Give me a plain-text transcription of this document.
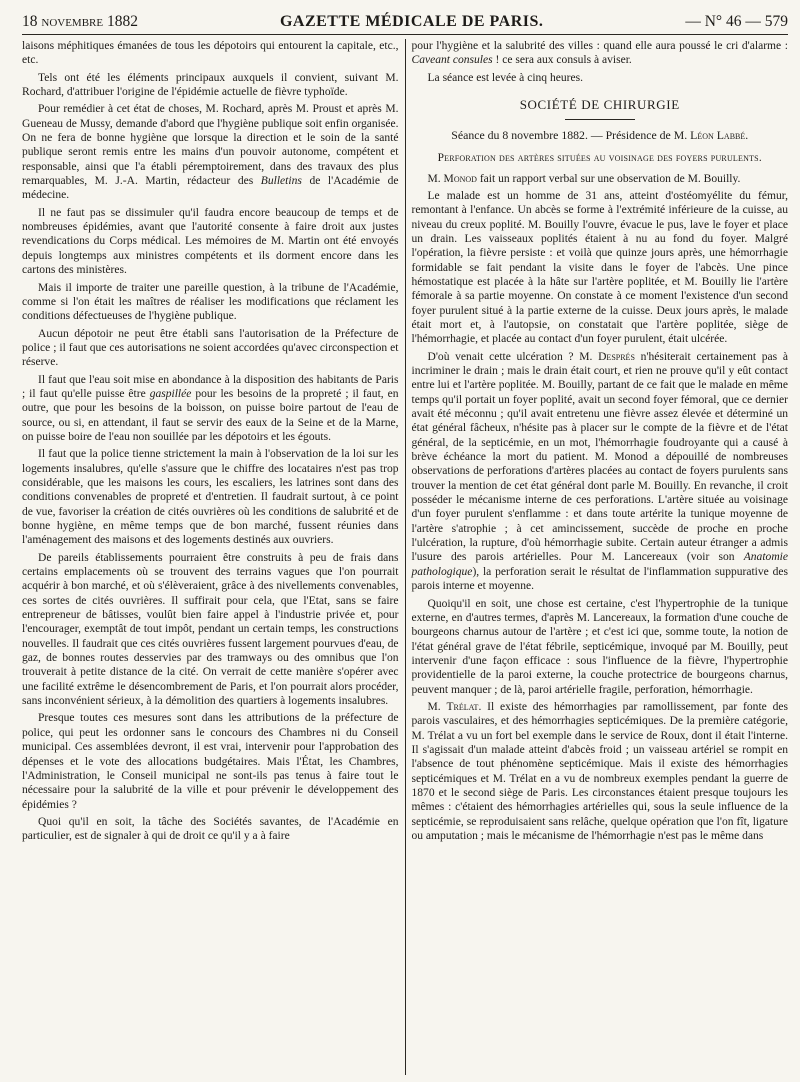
18 novembre 1882	GAZETTE MÉDICALE DE PARIS.	— N° 46 — 579

laisons méphitiques émanées de tous les dépotoirs qui entourent la capitale, etc., etc.

Tels ont été les éléments principaux auxquels il convient, suivant M. Rochard, d'attribuer l'origine de l'épidémie actuelle de fièvre typhoïde.

Pour remédier à cet état de choses, M. Rochard, après M. Proust et après M. Gueneau de Mussy, demande d'abord que l'hygiène publique soit enfin organisée. On ne fera de bonne hygiène que lorsque la direction et le soin de la santé publique seront remis entre les mains d'un pouvoir autonome, compétent et responsable, ainsi que l'a établi péremptoirement, dans des travaux des plus remarquables, M. J.-A. Martin, rédacteur des Bulletins de l'Académie de médecine.

Il ne faut pas se dissimuler qu'il faudra encore beaucoup de temps et de nombreuses épidémies, avant que l'autorité consente à faire droit aux justes revendications du Corps médical. Les mémoires de M. Martin ont été envoyés depuis longtemps aux ministres compétents et ils dorment encore dans les cartons des ministères.

Mais il importe de traiter une pareille question, à la tribune de l'Académie, comme si l'on était les maîtres de réaliser les modifications que réclament les conditions défectueuses de l'hygiène publique.

Aucun dépotoir ne peut être établi sans l'autorisation de la Préfecture de police ; il faut que ces autorisations ne soient accordées qu'avec circonspection et réserve.

Il faut que l'eau soit mise en abondance à la disposition des habitants de Paris ; il faut qu'elle puisse être gaspillée pour les besoins de la propreté ; il faut, en outre, que pour les besoins de la boisson, on puisse boire partout de l'eau de source, ou si, en attendant, il faut se servir des eaux de la Seine et de la Marne, on puisse boire de l'eau non souillée par les dépotoirs et les égouts.

Il faut que la police tienne strictement la main à l'observation de la loi sur les logements insalubres, qu'elle s'assure que le chiffre des locataires n'est pas trop considérable, que les maisons les cours, les escaliers, les latrines sont dans des conditions convenables de propreté et d'entretien. Il faudrait surtout, à ce point de vue, favoriser la création de cités ouvrières où les conditions de salubrité et de bonne hygiène, en même temps que de bon marché, fussent réunies dans l'aménagement des maisons et des logements destinés aux ouvriers.

De pareils établissements pourraient être construits à peu de frais dans certains emplacements où se trouvent des terrains vagues que l'on pourrait acquérir à bon marché, et où s'élèveraient, grâce à des nivellements convenables, ces sortes de cités ouvrières. Il suffirait pour cela, que l'Etat, sans se faire entrepreneur de bâtisses, voulût bien faire appel à l'industrie privée et, pour l'encourager, exemptât de tout impôt, pendant un certain temps, les constructions nouvelles. Il faudrait que ces cités ouvrières fussent largement pourvues d'eau, de gaz, de bonnes routes desservies par des tramways ou des omnibus que l'on trouverait à petite distance de la cité. On verrait de cette manière s'opérer avec une facilité extrême le désencombrement de Paris, et l'on pourrait alors procéder, sans inconvénient sérieux, à la démolition des quartiers à logements insalubres.

Presque toutes ces mesures sont dans les attributions de la préfecture de police, qui peut les ordonner sans le concours des Chambres ni du Conseil municipal. Ces assemblées devront, il est vrai, intervenir pour l'approbation des dépenses et le vote des allocations budgétaires. Mais l'État, les Chambres, l'Administration, le Conseil municipal ne sont-ils pas tenus à faire tout le nécessaire pour la salubrité de la ville et pour prévenir le développement des épidémies ?

Quoi qu'il en soit, la tâche des Sociétés savantes, de l'Académie en particulier, est de signaler à qui de droit ce qu'il y a à faire

pour l'hygiène et la salubrité des villes : quand elle aura poussé le cri d'alarme : Caveant consules ! ce sera aux consuls à aviser.

La séance est levée à cinq heures.

SOCIÉTÉ DE CHIRURGIE

Séance du 8 novembre 1882. — Présidence de M. Léon Labbé.

Perforation des artères situées au voisinage des foyers purulents.

M. Monod fait un rapport verbal sur une observation de M. Bouilly.

Le malade est un homme de 31 ans, atteint d'ostéomyélite du fémur, remontant à l'enfance. Un abcès se forme à l'extrémité inférieure de la cuisse, au niveau du creux poplité. M. Bouilly l'ouvre, évacue le pus, lave le foyer et place un drain. Les vaisseaux poplités étaient à nu au fond du foyer. Malgré l'opération, la fièvre persiste : et voilà que quinze jours après, une hémorrhagie formidable se fait pendant la visite dans le foyer de l'abcès. Une pince hémostatique est placée à la hâte sur l'artère poplitée, et M. Bouilly lie l'artère fémorale à sa partie moyenne. On constate à ce moment l'existence d'un second foyer purulent situé à la partie externe de la cuisse. Deux jours après, le malade était mort et, à l'autopsie, on constatait que l'artère poplitée, siège de l'hémorrhagie, et placée au contact d'un foyer purulent, était ulcérée.

D'où venait cette ulcération ? M. Després n'hésiterait certainement pas à incriminer le drain ; mais le drain était court, et rien ne prouve qu'il y eût contact entre lui et l'artère poplitée. M. Bouilly, partant de ce fait que le malade en même temps qu'il portait un foyer poplité, avait un second foyer fémoral, que ce dernier avait été méconnu ; qu'il avait entretenu une fièvre assez élevée et déterminé un état général fâcheux, n'hésite pas à placer sur le compte de la fièvre et de l'état général, de la septicémie, en un mot, l'hémorrhagie foudroyante qui a causé à brève échéance la mort du patient. M. Monod a dépouillé de nombreuses observations de perforations d'artères placées au contact de foyers purulents sans trouver la mention de cet état général dont parle M. Bouilly. En revanche, il croit posséder le mécanisme interne de ces perforations. L'artère située au voisinage d'un foyer purulent s'enflamme : et dans toute artérite la tunique moyenne de l'artère s'atrophie ; à cet amincissement, succède de proche en proche l'ulcération, la rupture, d'où hémorrhagie subite. Certain auteur étranger a admis l'usure des parois artérielles. Pour M. Lancereaux (voir son Anatomie pathologique), la perforation serait le résultat de l'inflammation suppurative des parois interne et moyenne.

Quoiqu'il en soit, une chose est certaine, c'est l'hypertrophie de la tunique externe, en d'autres termes, d'après M. Lancereaux, la formation d'une couche de bourgeons charnus autour de l'artère ; et c'est ici que, somme toute, la notion de l'état général grave de l'état fébrile, septicémique, invoqué par M. Bouilly, peut intervenir d'une façon efficace : sous l'influence de la fièvre, l'hypertrophie providentielle de la paroi externe, la couche protectrice de bourgeons charnus, peuvent manquer ; de là, paroi artérielle fragile, perforation, hémorrhagie.

M. Trélat. Il existe des hémorrhagies par ramollissement, par fonte des parois vasculaires, et des hémorrhagies septicémiques. De la première catégorie, M. Trélat a vu un fort bel exemple dans le service de Roux, dont il était l'interne. Il s'agissait d'un malade atteint d'abcès froid ; un vaisseau artériel se rompit en l'absence de tout phénomène septicémique. Mais il existe des hémorrhagies septicémiques et M. Trélat en a vu de nombreux exemples pendant la guerre de 1870 et le second siège de Paris. Les circonstances étaient presque toujours les mêmes : c'étaient des hémorrhagies artérielles qui, sous la seule influence de la septicémie, se reproduisaient sans relâche, quelque opération que l'on fît, ligature ou amputation ; mais le mécanisme de l'hémorrhagie n'est pas le même dans
